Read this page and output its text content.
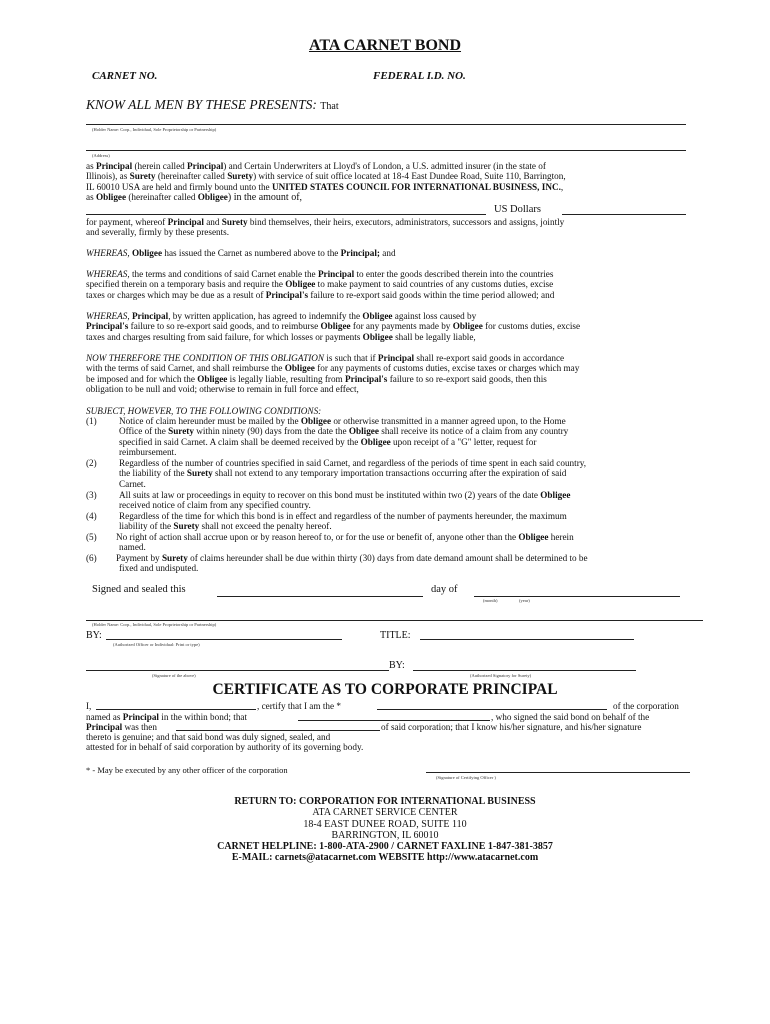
ATA CARNET BOND
CARNET NO.	FEDERAL I.D. NO.
KNOW ALL MEN BY THESE PRESENTS: That
(Holder Name: Corp., Individual, Sole Proprietorship or Partnership)
(Address)
as Principal (herein called Principal) and Certain Underwriters at Lloyd's of London, a U.S. admitted insurer (in the state of
Illinois), as Surety (hereinafter called Surety) with service of suit office located at 18-4 East Dundee Road, Suite 110, Barrington,
IL 60010 USA are held and firmly bound unto the UNITED STATES COUNCIL FOR INTERNATIONAL BUSINESS, INC.,
as Obligee (hereinafter called Obligee) in the amount of,
US Dollars
for payment, whereof Principal and Surety bind themselves, their heirs, executors, administrators, successors and assigns, jointly
and severally, firmly by these presents.
WHEREAS, Obligee has issued the Carnet as numbered above to the Principal; and
WHEREAS, the terms and conditions of said Carnet enable the Principal to enter the goods described therein into the countries
specified therein on a temporary basis and require the Obligee to make payment to said countries of any customs duties, excise
taxes or charges which may be due as a result of Principal's failure to re-export said goods within the time period allowed; and
WHEREAS, Principal, by written application, has agreed to indemnify the Obligee against loss caused by
Principal's failure to so re-export said goods, and to reimburse Obligee for any payments made by Obligee for customs duties, excise
taxes and charges resulting from said failure, for which losses or payments Obligee shall be legally liable,
NOW THEREFORE THE CONDITION OF THIS OBLIGATION is such that if Principal shall re-export said goods in accordance
with the terms of said Carnet, and shall reimburse the Obligee for any payments of customs duties, excise taxes or charges which may
be imposed and for which the Obligee is legally liable, resulting from Principal's failure to so re-export said goods, then this
obligation to be null and void; otherwise to remain in full force and effect,
SUBJECT, HOWEVER, TO THE FOLLOWING CONDITIONS:
(1) Notice of claim hereunder must be mailed by the Obligee or otherwise transmitted in a manner agreed upon, to the Home
Office of the Surety within ninety (90) days from the date the Obligee shall receive its notice of a claim from any country
specified in said Carnet. A claim shall be deemed received by the Obligee upon receipt of a "G" letter, request for
reimbursement.
(2) Regardless of the number of countries specified in said Carnet, and regardless of the periods of time spent in each said country,
the liability of the Surety shall not extend to any temporary importation transactions occurring after the expiration of said
Carnet.
(3) All suits at law or proceedings in equity to recover on this bond must be instituted within two (2) years of the date Obligee
received notice of claim from any specified country.
(4) Regardless of the time for which this bond is in effect and regardless of the number of payments hereunder, the maximum
liability of the Surety shall not exceed the penalty hereof.
(5) No right of action shall accrue upon or by reason hereof to, or for the use or benefit of, anyone other than the Obligee herein
named.
(6) Payment by Surety of claims hereunder shall be due within thirty (30) days from date demand amount shall be determined to be
fixed and undisputed.
Signed and sealed this	day of
(month)	(year)
(Holder Name: Corp., Individual, Sole Proprietorship or Partnership)
BY:
(Authorized Officer or Individual: Print or type)
TITLE:
(Signature of the above)
BY:
(Authorized Signatory for Surety)
CERTIFICATE AS TO CORPORATE PRINCIPAL
I,	, certify that I am the *	of the corporation
named as Principal in the within bond; that	, who signed the said bond on behalf of the
Principal was then	of said corporation; that I know his/her signature, and his/her signature
thereto is genuine; and that said bond was duly signed, sealed, and
attested for in behalf of said corporation by authority of its governing body.
* - May be executed by any other officer of the corporation
(Signature of Certifying Officer )
RETURN TO: CORPORATION FOR INTERNATIONAL BUSINESS
ATA CARNET SERVICE CENTER
18-4 EAST DUNEE ROAD, SUITE 110
BARRINGTON, IL 60010
CARNET HELPLINE: 1-800-ATA-2900 / CARNET FAXLINE 1-847-381-3857
E-MAIL: carnets@atacarnet.com WEBSITE http://www.atacarnet.com
